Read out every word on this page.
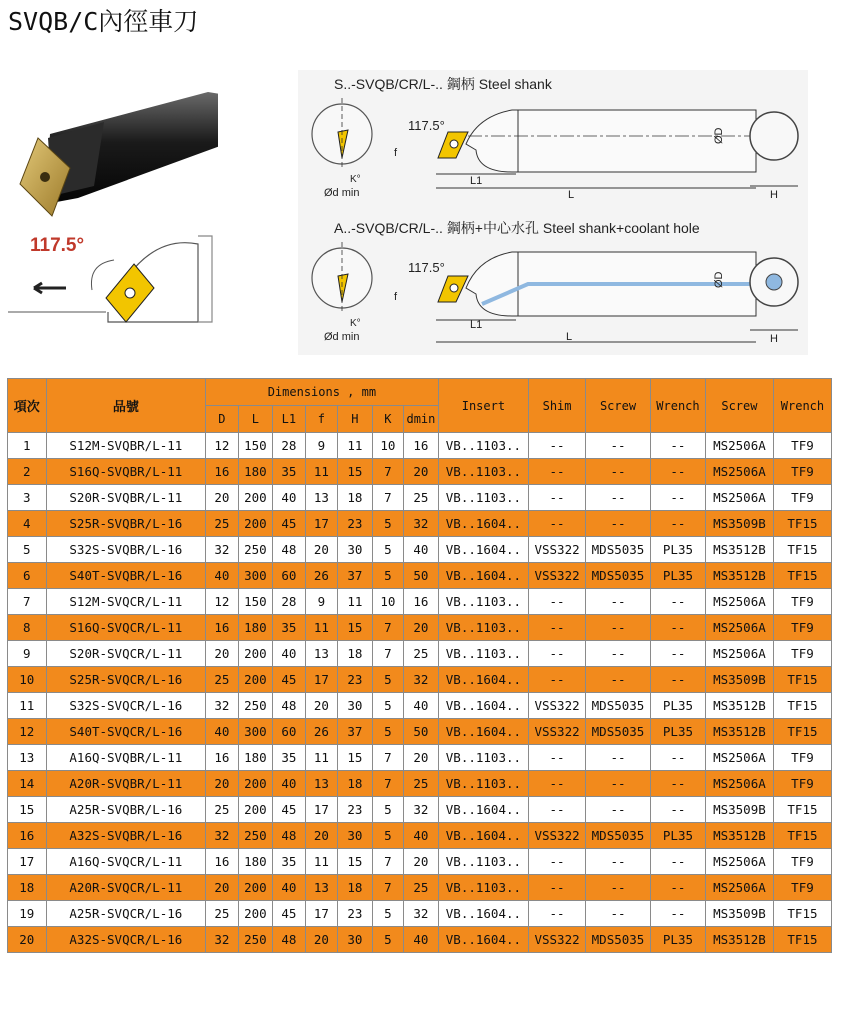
SVQB/C內徑車刀
117.5°
S..-SVQB/CR/L-.. 鋼柄 Steel shank
Ød min
K°
117.5°
f
L1
L
ØD
H
A..-SVQB/CR/L-.. 鋼柄+中心水孔 Steel shank+coolant hole
Ød min
K°
117.5°
f
L1
L
ØD
H
項次	品號	Dimensions , mm							Insert	Shim	Screw	Wrench	Screw	Wrench
		D	L	L1	f	H	K	dmin						
1	S12M-SVQBR/L-11	12	150	28	9	11	10	16	VB..1103..	--	--	--	MS2506A	TF9
2	S16Q-SVQBR/L-11	16	180	35	11	15	7	20	VB..1103..	--	--	--	MS2506A	TF9
3	S20R-SVQBR/L-11	20	200	40	13	18	7	25	VB..1103..	--	--	--	MS2506A	TF9
4	S25R-SVQBR/L-16	25	200	45	17	23	5	32	VB..1604..	--	--	--	MS3509B	TF15
5	S32S-SVQBR/L-16	32	250	48	20	30	5	40	VB..1604..	VSS322	MDS5035	PL35	MS3512B	TF15
6	S40T-SVQBR/L-16	40	300	60	26	37	5	50	VB..1604..	VSS322	MDS5035	PL35	MS3512B	TF15
7	S12M-SVQCR/L-11	12	150	28	9	11	10	16	VB..1103..	--	--	--	MS2506A	TF9
8	S16Q-SVQCR/L-11	16	180	35	11	15	7	20	VB..1103..	--	--	--	MS2506A	TF9
9	S20R-SVQCR/L-11	20	200	40	13	18	7	25	VB..1103..	--	--	--	MS2506A	TF9
10	S25R-SVQCR/L-16	25	200	45	17	23	5	32	VB..1604..	--	--	--	MS3509B	TF15
11	S32S-SVQCR/L-16	32	250	48	20	30	5	40	VB..1604..	VSS322	MDS5035	PL35	MS3512B	TF15
12	S40T-SVQCR/L-16	40	300	60	26	37	5	50	VB..1604..	VSS322	MDS5035	PL35	MS3512B	TF15
13	A16Q-SVQBR/L-11	16	180	35	11	15	7	20	VB..1103..	--	--	--	MS2506A	TF9
14	A20R-SVQBR/L-11	20	200	40	13	18	7	25	VB..1103..	--	--	--	MS2506A	TF9
15	A25R-SVQBR/L-16	25	200	45	17	23	5	32	VB..1604..	--	--	--	MS3509B	TF15
16	A32S-SVQBR/L-16	32	250	48	20	30	5	40	VB..1604..	VSS322	MDS5035	PL35	MS3512B	TF15
17	A16Q-SVQCR/L-11	16	180	35	11	15	7	20	VB..1103..	--	--	--	MS2506A	TF9
18	A20R-SVQCR/L-11	20	200	40	13	18	7	25	VB..1103..	--	--	--	MS2506A	TF9
19	A25R-SVQCR/L-16	25	200	45	17	23	5	32	VB..1604..	--	--	--	MS3509B	TF15
20	A32S-SVQCR/L-16	32	250	48	20	30	5	40	VB..1604..	VSS322	MDS5035	PL35	MS3512B	TF15
